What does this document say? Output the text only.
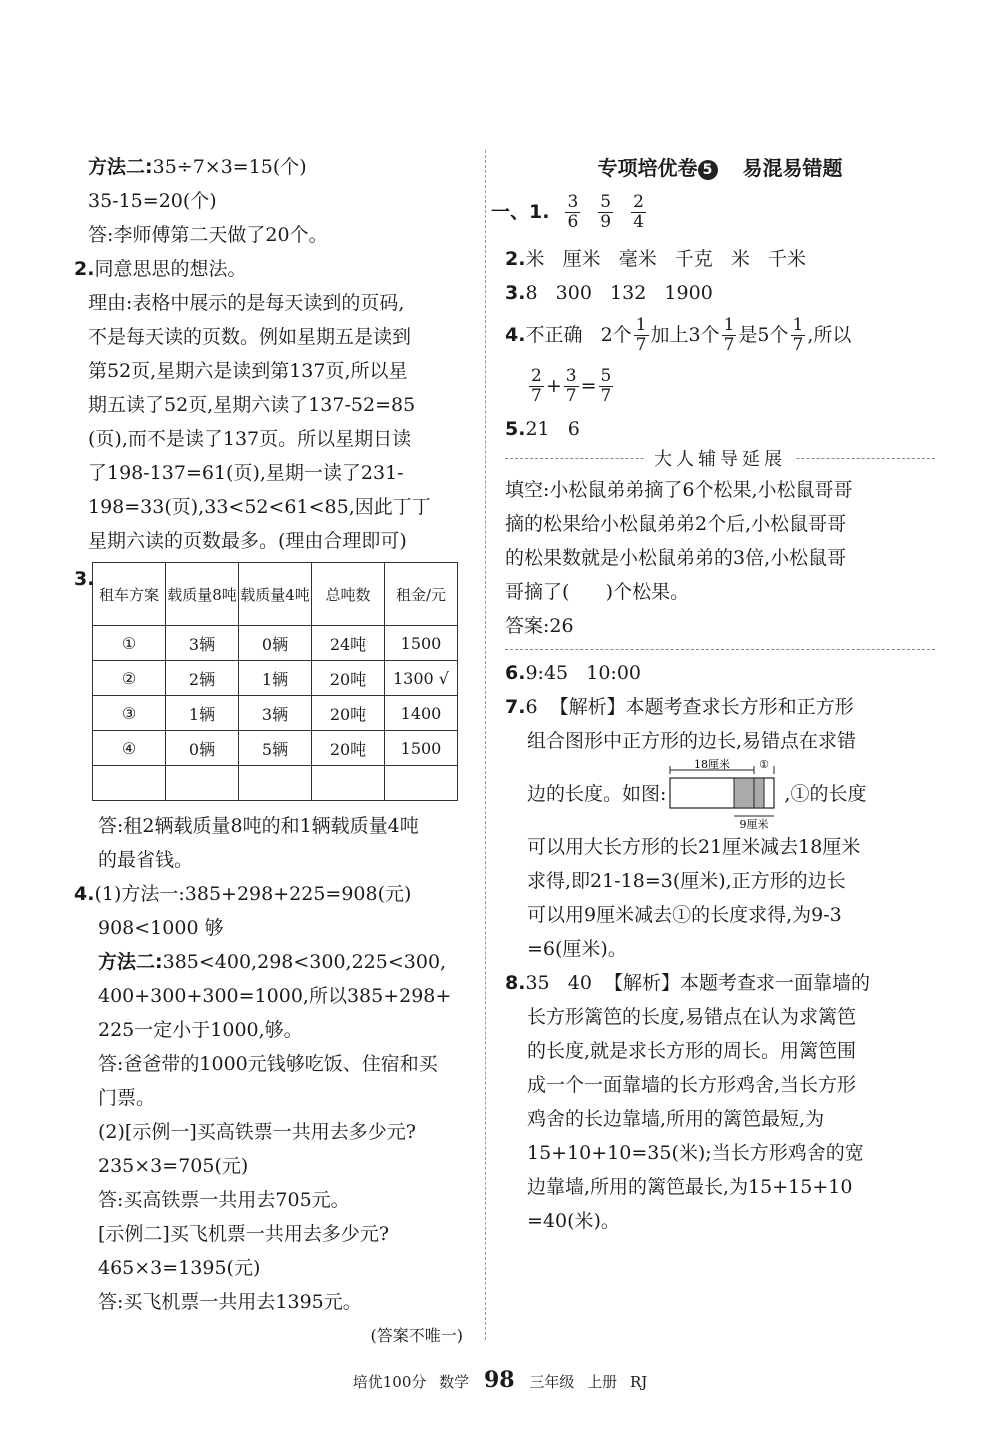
方法二:35÷7×3=15(个)
35-15=20(个)
答:李师傅第二天做了20个。
2.同意思思的想法。
理由:表格中展示的是每天读到的页码,
不是每天读的页数。例如星期五是读到
第52页,星期六是读到第137页,所以星
期五读了52页,星期六读了137-52=85
(页),而不是读了137页。所以星期日读
了198-137=61(页),星期一读了231-
198=33(页),33<52<61<85,因此丁丁
星期六读的页数最多。(理由合理即可)
3.
租车方案	载质量8吨	载质量4吨	总吨数	租金/元
①	3辆	0辆	24吨	1500
②	2辆	1辆	20吨	1300 √
③	1辆	3辆	20吨	1400
④	0辆	5辆	20吨	1500

答:租2辆载质量8吨的和1辆载质量4吨
的最省钱。
4.(1)方法一:385+298+225=908(元)
908<1000 够
方法二:385<400,298<300,225<300,
400+300+300=1000,所以385+298+
225一定小于1000,够。
答:爸爸带的1000元钱够吃饭、住宿和买
门票。
(2)[示例一]买高铁票一共用去多少元?
235×3=705(元)
答:买高铁票一共用去705元。
[示例二]买飞机票一共用去多少元?
465×3=1395(元)
答:买飞机票一共用去1395元。
(答案不唯一)
专项培优卷 5 易混易错题
一、1. $\frac{3}{6} \frac{5}{9} \frac{2}{4}$
2.米   厘米   毫米   千克   米   千米
3.8   300   132   1900
4. 不正确   2个 $\frac{1}{7}$ 加上3个 $\frac{1}{7}$ 是5个 $\frac{1}{7}$ ,所以
$\frac{2}{7} + \frac{3}{7} = \frac{5}{7}$
5.21   6
大人辅导延展
填空:小松鼠弟弟摘了6个松果,小松鼠哥哥
摘的松果给小松鼠弟弟2个后,小松鼠哥哥
的松果数就是小松鼠弟弟的3倍,小松鼠哥
哥摘了(      )个松果。
答案:26
6.9:45   10:00
7.6  【解析】本题考查求长方形和正方形
组合图形中正方形的边长,易错点在求错
边的长度。如图:
18厘米	①
9厘米
,①的长度
可以用大长方形的长21厘米减去18厘米
求得,即21-18=3(厘米),正方形的边长
可以用9厘米减去①的长度求得,为9-3
=6(厘米)。
8.35   40  【解析】本题考查求一面靠墙的
长方形篱笆的长度,易错点在认为求篱笆
的长度,就是求长方形的周长。用篱笆围
成一个一面靠墙的长方形鸡舍,当长方形
鸡舍的长边靠墙,所用的篱笆最短,为
15+10+10=35(米);当长方形鸡舍的宽
边靠墙,所用的篱笆最长,为15+15+10
=40(米)。
培优100分 数学 98 三年级 上册 RJ
